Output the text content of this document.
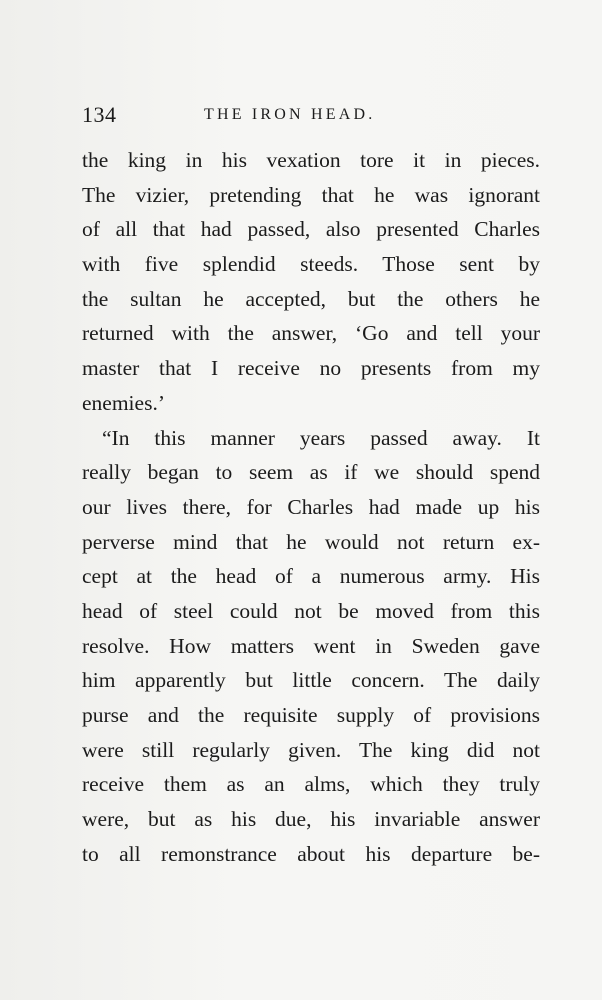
134	THE IRON HEAD.
the king in his vexation tore it in pieces.
The vizier, pretending that he was ignorant
of all that had passed, also presented Charles
with five splendid steeds. Those sent by
the sultan he accepted, but the others he
returned with the answer, ‘Go and tell your
master that I receive no presents from my
enemies.’
“In this manner years passed away. It
really began to seem as if we should spend
our lives there, for Charles had made up his
perverse mind that he would not return ex-
cept at the head of a numerous army. His
head of steel could not be moved from this
resolve. How matters went in Sweden gave
him apparently but little concern. The daily
purse and the requisite supply of provisions
were still regularly given. The king did not
receive them as an alms, which they truly
were, but as his due, his invariable answer
to all remonstrance about his departure be-
